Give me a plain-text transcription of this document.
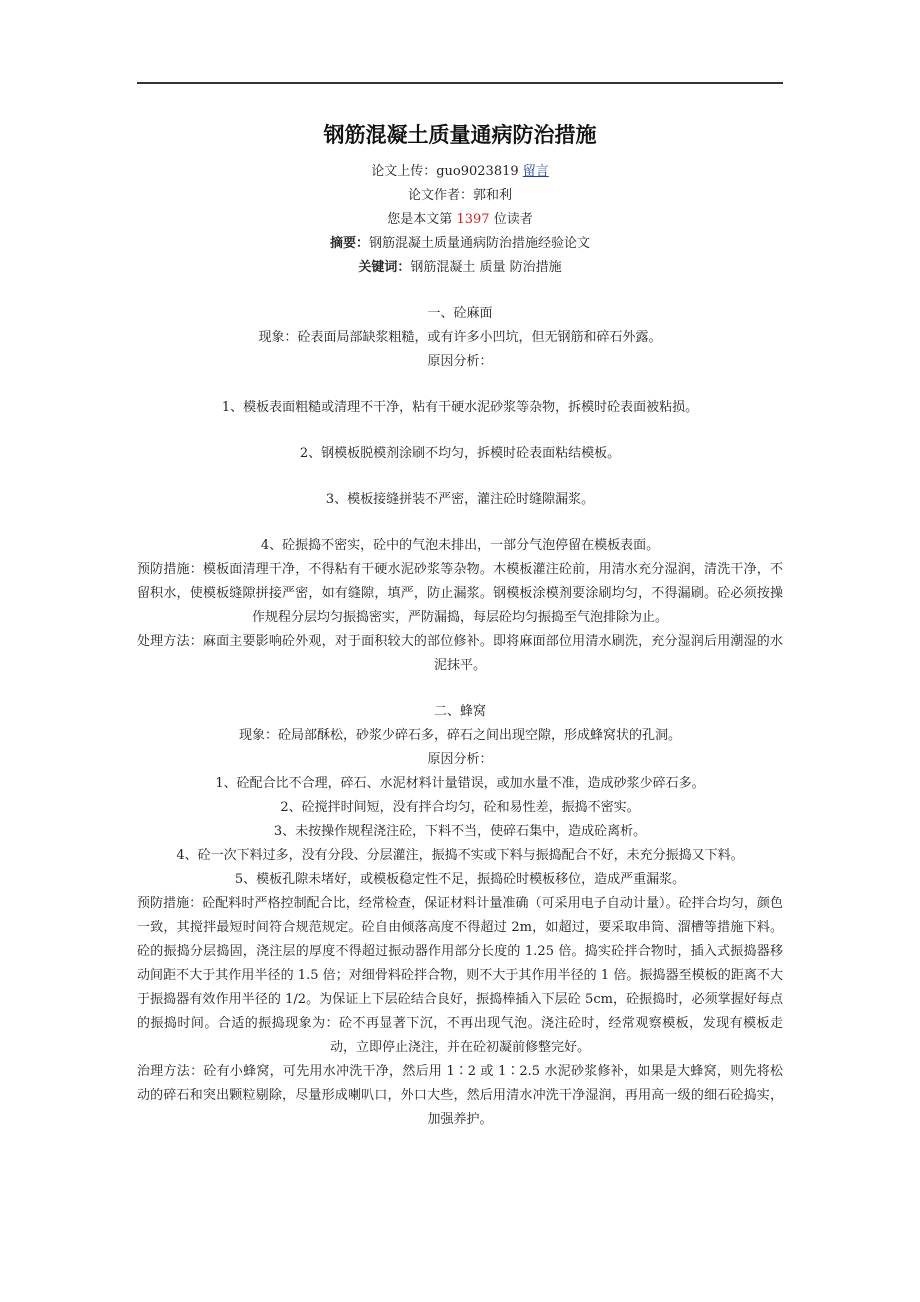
钢筋混凝土质量通病防治措施

论文上传：guo9023819 留言

论文作者：郭和利

您是本文第 1397 位读者

摘要：钢筋混凝土质量通病防治措施经验论文

关键词：钢筋混凝土 质量 防治措施

一、砼麻面

现象：砼表面局部缺浆粗糙，或有许多小凹坑，但无钢筋和碎石外露。

原因分析：

1、模板表面粗糙或清理不干净，粘有干硬水泥砂浆等杂物，拆模时砼表面被粘损。

2、钢模板脱模剂涂刷不均匀，拆模时砼表面粘结模板。

3、模板接缝拼装不严密，灌注砼时缝隙漏浆。

4、砼振捣不密实，砼中的气泡未排出，一部分气泡停留在模板表面。

预防措施：模板面清理干净，不得粘有干硬水泥砂浆等杂物。木模板灌注砼前，用清水充分湿润，清洗干净，不留积水，使模板缝隙拼接严密，如有缝隙，填严，防止漏浆。钢模板涂模剂要涂刷均匀，不得漏刷。砼必须按操作规程分层均匀振捣密实，严防漏捣，每层砼均匀振捣至气泡排除为止。

处理方法：麻面主要影响砼外观，对于面积较大的部位修补。即将麻面部位用清水刷洗，充分湿润后用潮湿的水泥抹平。

二、蜂窝

现象：砼局部酥松，砂浆少碎石多，碎石之间出现空隙，形成蜂窝状的孔洞。

原因分析：

1、砼配合比不合理，碎石、水泥材料计量错误，或加水量不准，造成砂浆少碎石多。

2、砼搅拌时间短，没有拌合均匀，砼和易性差，振捣不密实。

3、未按操作规程浇注砼，下料不当，使碎石集中，造成砼离析。

4、砼一次下料过多，没有分段、分层灌注，振捣不实或下料与振捣配合不好，未充分振捣又下料。

5、模板孔隙未堵好，或模板稳定性不足，振捣砼时模板移位，造成严重漏浆。

预防措施：砼配料时严格控制配合比，经常检查，保证材料计量准确（可采用电子自动计量）。砼拌合均匀，颜色一致，其搅拌最短时间符合规范规定。砼自由倾落高度不得超过 2m，如超过，要采取串筒、溜槽等措施下料。砼的振捣分层捣固，浇注层的厚度不得超过振动器作用部分长度的 1.25 倍。捣实砼拌合物时，插入式振捣器移动间距不大于其作用半径的 1.5 倍；对细骨料砼拌合物，则不大于其作用半径的 1 倍。振捣器至模板的距离不大于振捣器有效作用半径的 1/2。为保证上下层砼结合良好，振捣棒插入下层砼 5cm，砼振捣时，必须掌握好每点的振捣时间。合适的振捣现象为：砼不再显著下沉，不再出现气泡。浇注砼时，经常观察模板，发现有模板走动，立即停止浇注，并在砼初凝前修整完好。

治理方法：砼有小蜂窝，可先用水冲洗干净，然后用 1∶2 或 1∶2.5 水泥砂浆修补，如果是大蜂窝，则先将松动的碎石和突出颗粒剔除，尽量形成喇叭口，外口大些，然后用清水冲洗干净湿润，再用高一级的细石砼捣实，加强养护。
